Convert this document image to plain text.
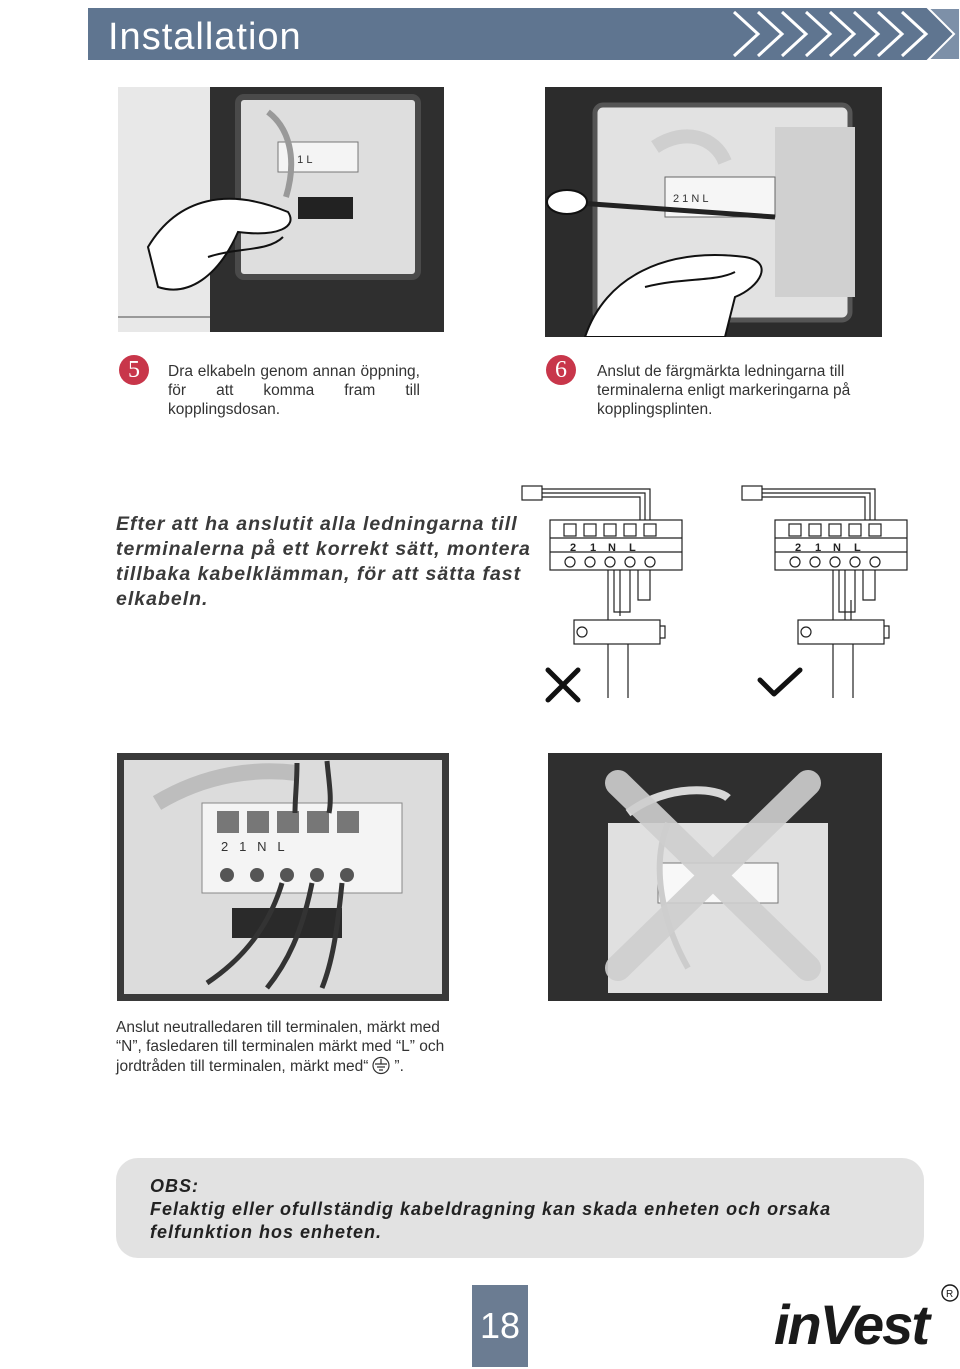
Installation
2 1 L
2 1 N L
5	Dra elkabeln genom annan öppning, för att komma fram till kopplingsdosan.

6	Anslut de färgmärkta ledningarna till terminalerna enligt markeringarna på kopplingsplinten.

Efter att ha anslutit alla ledningarna till terminalerna på ett korrekt sätt, montera tillbaka kabelklämman, för att sätta fast elkabeln.

2 1 N L	2 1 N L
2   1   N   L

Anslut neutralledaren till terminalen, märkt med “N”, fasledaren till terminalen märkt med “L” och jordtråden till terminalen, märkt med“ ”.

OBS:
Felaktig eller ofullständig kabeldragning kan skada enheten och orsaka felfunktion hos enheten.
18	inVest	R
